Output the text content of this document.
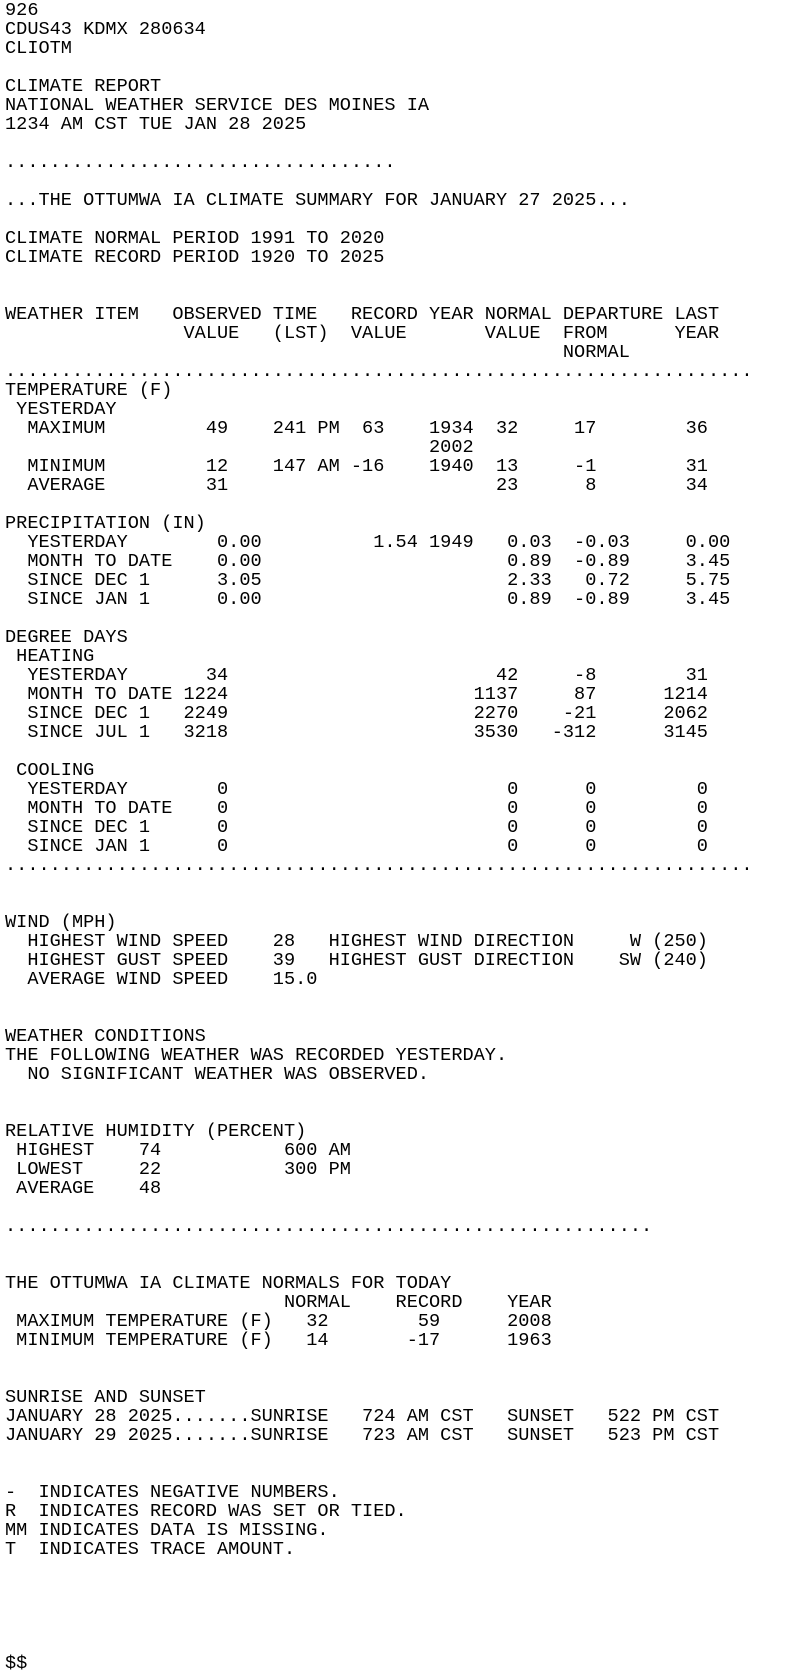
926
CDUS43 KDMX 280634
CLIOTM
CLIMATE REPORT
NATIONAL WEATHER SERVICE DES MOINES IA
1234 AM CST TUE JAN 28 2025
...................................
...THE OTTUMWA IA CLIMATE SUMMARY FOR JANUARY 27 2025...
CLIMATE NORMAL PERIOD 1991 TO 2020
CLIMATE RECORD PERIOD 1920 TO 2025
WEATHER ITEM   OBSERVED TIME   RECORD YEAR NORMAL DEPARTURE LAST
VALUE   (LST)  VALUE       VALUE  FROM      YEAR
NORMAL
...................................................................
TEMPERATURE (F)
YESTERDAY
MAXIMUM         49    241 PM  63    1934  32     17        36
2002
MINIMUM         12    147 AM -16    1940  13     -1        31
AVERAGE         31                        23      8        34
PRECIPITATION (IN)
YESTERDAY        0.00          1.54 1949   0.03  -0.03     0.00
MONTH TO DATE    0.00                      0.89  -0.89     3.45
SINCE DEC 1      3.05                      2.33   0.72     5.75
SINCE JAN 1      0.00                      0.89  -0.89     3.45
DEGREE DAYS
HEATING
YESTERDAY       34                        42     -8        31
MONTH TO DATE 1224                      1137     87      1214
SINCE DEC 1   2249                      2270    -21      2062
SINCE JUL 1   3218                      3530   -312      3145
COOLING
YESTERDAY        0                         0      0         0
MONTH TO DATE    0                         0      0         0
SINCE DEC 1      0                         0      0         0
SINCE JAN 1      0                         0      0         0
...................................................................
WIND (MPH)
HIGHEST WIND SPEED    28   HIGHEST WIND DIRECTION     W (250)
HIGHEST GUST SPEED    39   HIGHEST GUST DIRECTION    SW (240)
AVERAGE WIND SPEED    15.0
WEATHER CONDITIONS
THE FOLLOWING WEATHER WAS RECORDED YESTERDAY.
NO SIGNIFICANT WEATHER WAS OBSERVED.
RELATIVE HUMIDITY (PERCENT)
HIGHEST    74           600 AM
LOWEST     22           300 PM
AVERAGE    48
..........................................................
THE OTTUMWA IA CLIMATE NORMALS FOR TODAY
NORMAL    RECORD    YEAR
MAXIMUM TEMPERATURE (F)   32        59      2008
MINIMUM TEMPERATURE (F)   14       -17      1963
SUNRISE AND SUNSET
JANUARY 28 2025.......SUNRISE   724 AM CST   SUNSET   522 PM CST
JANUARY 29 2025.......SUNRISE   723 AM CST   SUNSET   523 PM CST
-  INDICATES NEGATIVE NUMBERS.
R  INDICATES RECORD WAS SET OR TIED.
MM INDICATES DATA IS MISSING.
T  INDICATES TRACE AMOUNT.
$$
